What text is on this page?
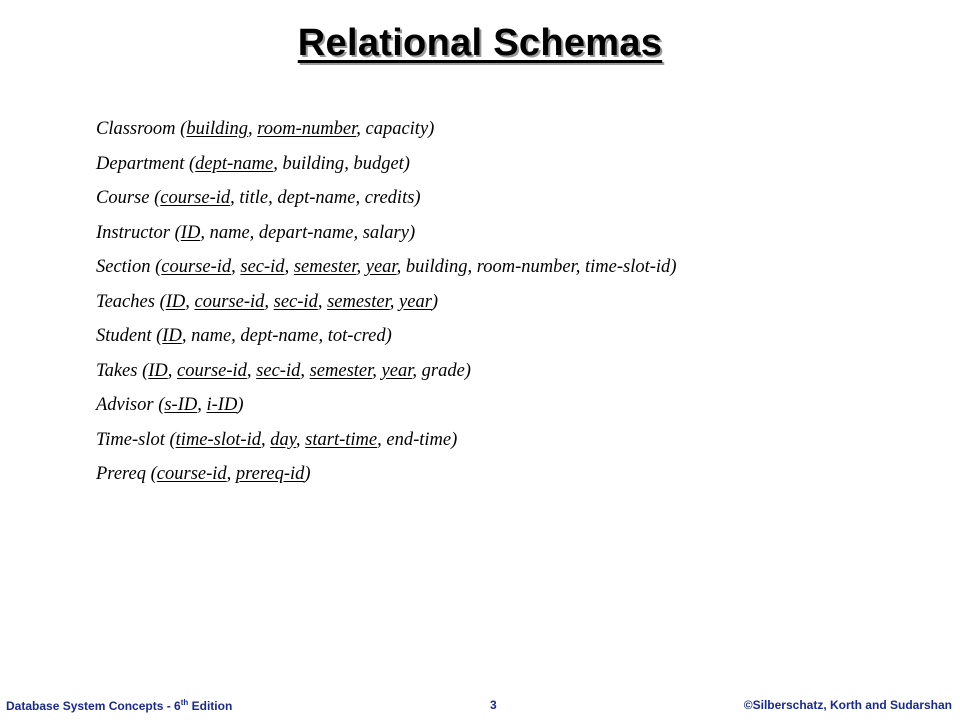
Relational Schemas
Classroom (building, room-number, capacity)
Department (dept-name, building, budget)
Course (course-id, title, dept-name, credits)
Instructor (ID, name, depart-name, salary)
Section (course-id, sec-id, semester, year, building, room-number, time-slot-id)
Teaches (ID, course-id, sec-id, semester, year)
Student (ID, name, dept-name, tot-cred)
Takes (ID, course-id, sec-id, semester, year, grade)
Advisor (s-ID, i-ID)
Time-slot (time-slot-id, day, start-time, end-time)
Prereq (course-id, prereq-id)
Database System Concepts - 6th Edition	3	©Silberschatz, Korth and Sudarshan
